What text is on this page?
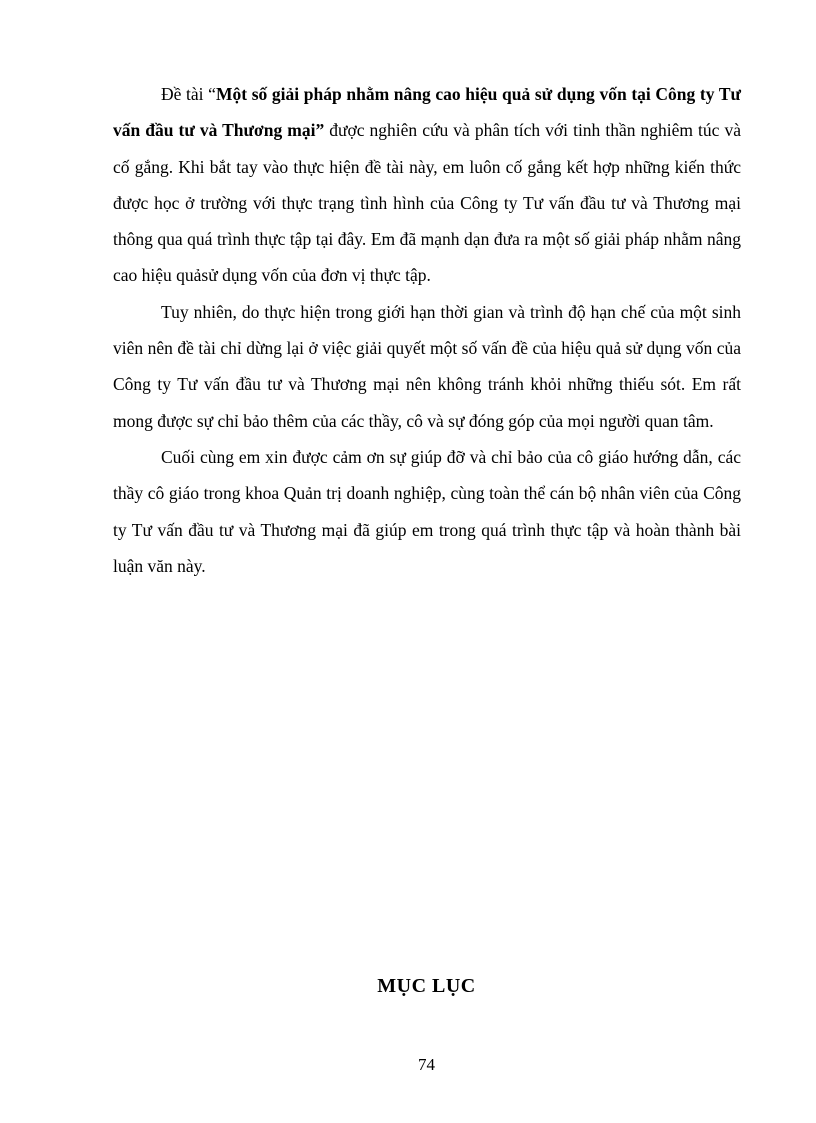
Đề tài “Một số giải pháp nhằm nâng cao hiệu quả sử dụng vốn tại Công ty Tư vấn đầu tư và Thương mại” được nghiên cứu và phân tích với tinh thần nghiêm túc và cố gắng. Khi bắt tay vào thực hiện đề tài này, em luôn cố gắng kết hợp những kiến thức được học ở trường với thực trạng tình hình của Công ty Tư vấn đầu tư và Thương mại thông qua quá trình thực tập tại đây. Em đã mạnh dạn đưa ra một số giải pháp nhằm nâng cao hiệu quảsử dụng vốn của đơn vị thực tập.

Tuy nhiên, do thực hiện trong giới hạn thời gian và trình độ hạn chế của một sinh viên nên đề tài chỉ dừng lại ở việc giải quyết một số vấn đề của hiệu quả sử dụng vốn của Công ty Tư vấn đầu tư và Thương mại nên không tránh khỏi những thiếu sót. Em rất mong được sự chỉ bảo thêm của các thầy, cô và sự đóng góp của mọi người quan tâm.

Cuối cùng em xin được cảm ơn sự giúp đỡ và chỉ bảo của cô giáo hướng dẫn, các thầy cô giáo trong khoa Quản trị doanh nghiệp, cùng toàn thể cán bộ nhân viên của Công ty Tư vấn đầu tư và Thương mại đã giúp em trong quá trình thực tập và hoàn thành bài luận văn này.

MỤC LỤC
74
